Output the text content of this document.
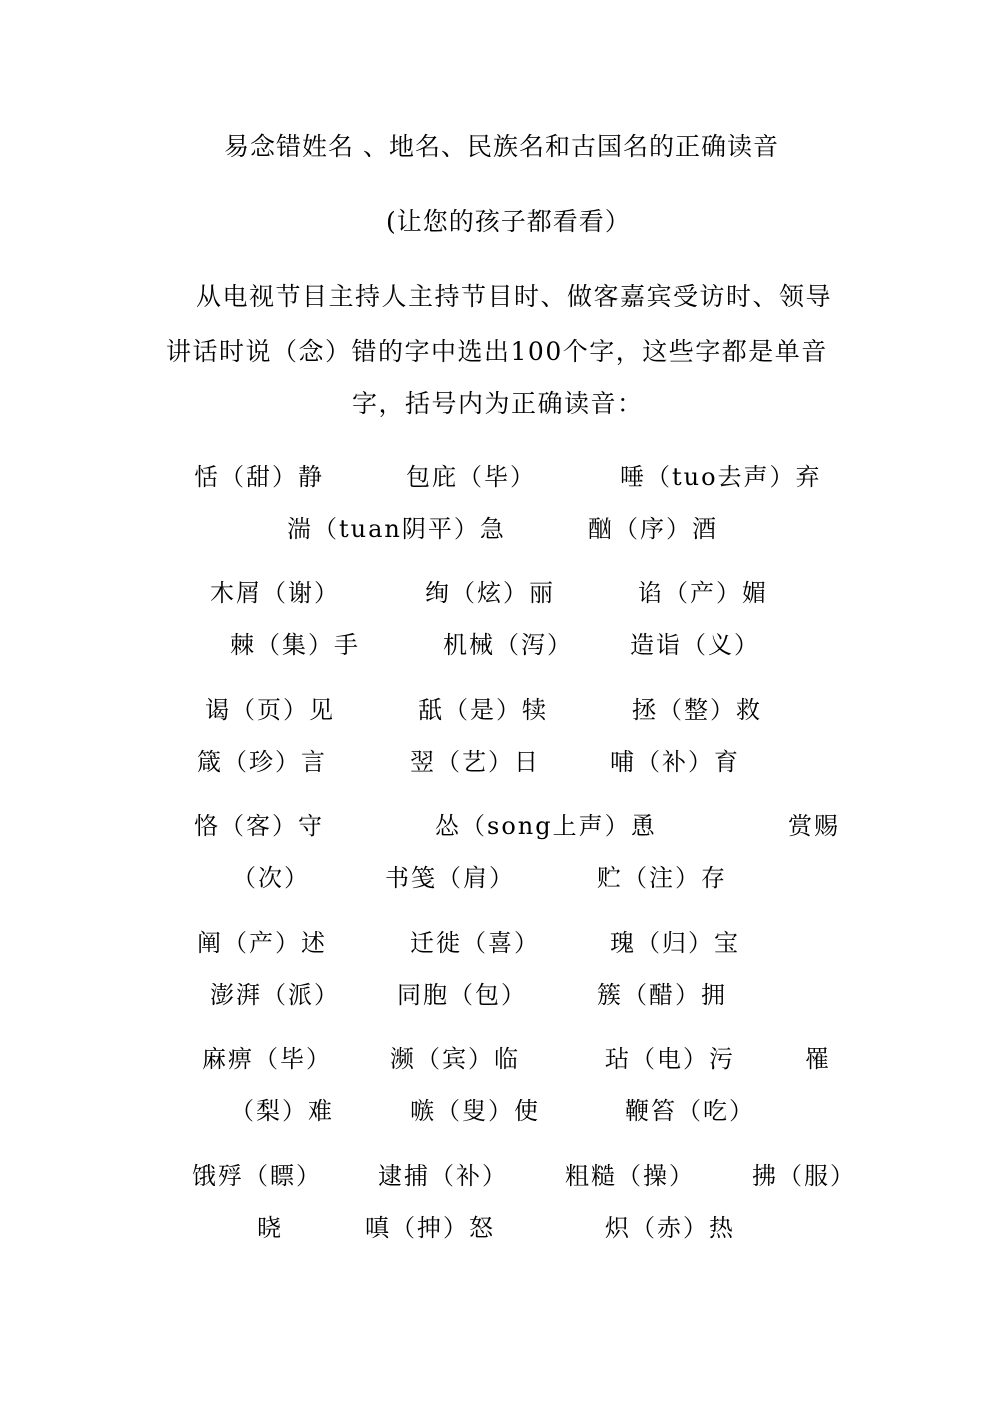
易念错姓名 、地名、民族名和古国名的正确读音
(让您的孩子都看看）
从电视节目主持人主持节目时、做客嘉宾受访时、领导
讲话时说（念）错的字中选出100个字，这些字都是单音
字，括号内为正确读音：
恬（甜）静	包庇（毕）	唾（tuo去声）弃
湍（tuan阴平）急	酗（序）酒
木屑（谢）	绚（炫）丽	谄（产）媚
棘（集）手	机械（泻） 造诣（义）
谒（页）见	舐（是）犊	拯（整）救
箴（珍）言	翌（艺）日	哺（补）育
恪（客）守	怂（song上声）恿	赏赐
（次）	书笺（肩）	贮（注）存
阐（产）述	迁徙（喜）	瑰（归）宝
澎湃（派） 同胞（包）	簇（醋）拥
麻痹（毕） 濒（宾）临	玷（电）污	罹
（梨）难	嗾（叟）使	鞭笞（吃）
饿殍（瞟） 逮捕（补） 粗糙（操） 拂（服）
晓	嗔（抻）怒	炽（赤）热
